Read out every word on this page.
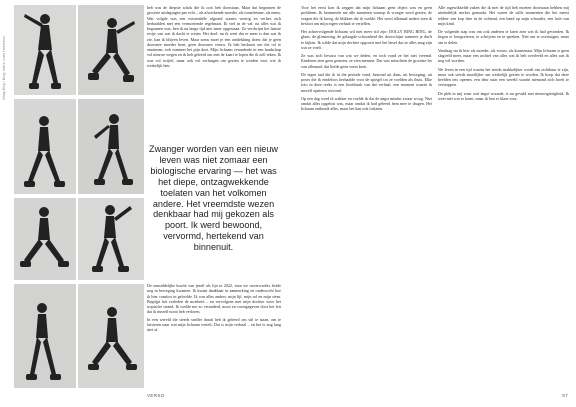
Gaby Bing / Bing, foto's: Loes Heerkens
heb was de diepste schok die ik ooit heb doorstaan. Maar dat begonnen de grootste uitdagingen pas echt – als afwerkende moeder, als transfemme, als mens. Wat volgde was een existentiële afgrond waarin veertig en verlies zich herhaalden met een vermoeiende regelmaat. Ik viel in de val: na alles wat ik begonnen was, ben ik na lange tijd niet meer opgestaan. Zo verdwijnt het laatste restje van wat ik dacht te weten. Het doel: nu ik weet dat er meer is dan wat ik zie, kan ik blijven leven. Maar soms moet je een ontdekking doen: dat je geen doorsnee moeder bent, geen doorsnee vrouw. Ik heb besloten om die rol te omarmen, ook wanneer het pijn doet. Mijn lichaam veranderde in een landschap vol nieuwe wegen en ik heb geleerd om met de kaart te lopen die ik zelf teken. Ik was vol twijfel, maar ook vol verlangen om gezien te worden voor wie ik werkelijk ben.
Zwanger worden van een nieuw leven was niet zomaar een biologische ervaring — het was het diepe, ontzagwekkende toelaten van het volkomen andere. Het vreemdste wezen denkbaar had mij gekozen als poort. Ik werd bewoond, vervormd, hertekend van binnenuit.

De onmiddelijke kracht van jezelf als lijn in 2022, toen we onverwachts liefde nog in beweging kwamen. Ik kwam dankbaar in aanmerking en onderzocht hoe ik hier comfort in geloofde. Ik was alles anders: mijn lijf, mijn rol en mijn stem. Begrijpt het verleden de moeheid – en vervolgens met mijn dochter weer het tropische strand. Ik voelde me zo veranderd, mooi en vormgegeven door het feit dat ik mezelf nooit heb verloren.

In een wereld die steeds sneller draait heb ik geleerd om stil te staan, om te luisteren naar wat mijn lichaam vertelt. Dat is mijn verhaal – en het is nog lang niet af.

Voor het eerst kon ik zeggen dat mijn lichaam geen object was en geen probleem. Ik herinnerde me alle manieren waarop ik vroeger werd gezien, de vragen die ik kreeg, de blikken die ik voelde. Het werd allemaal anders toen ik besloot om mijn eigen verhaal te vertellen.

Het achtervolgende lichaam wil niet meer stil zijn: DOLLY BING BING, de glans, de glinstering, de gelaagde schoonheid die doorschijnt wanneer je durft te kijken. Ik wilde dat mijn dochter opgroeit met het besef dat ze alles mag zijn wat ze voelt.

Ze was zich bewust van wat we deden, en toch vond ze het niet vreemd. Kinderen zien geen grenzen, ze zien mensen. Dat was misschien de grootste les van allemaal: dat liefde geen vorm kent.

De eigen taal die ik in die periode vond, bestond uit dans, uit beweging, uit poses die ik eindeloos herhaalde voor de spiegel tot ze voelden als thuis. Elke foto in deze reeks is een hoofdstuk van dat verhaal, een moment waarin ik mezelf opnieuw uitvond.

Op een dag werd ik wakker en voelde ik dat de angst minder zwaar woog. Niet omdat alles opgelost was, maar omdat ik had geleerd hem mee te dragen. Het lichaam onthoudt alles, maar het kan ook loslaten.

Alle ingewikkelde zaken die ik met de tijd heb moeten doorstaan hebben mij uiteindelijk sterker gemaakt. Het waren de stille momenten die het meest telden: een kop thee in de ochtend, een hand op mijn schouder, een lach van mijn kind.

De volgende stap was om ook anderen te laten zien wat ik had gevonden. Ik begon te fotograferen, te schrijven en te spreken. Niet om te overtuigen, maar om te delen.

Vandaag sta ik hier als moeder, als vrouw, als kunstenaar. Mijn lichaam is geen slagveld meer, maar een archief van alles wat ik heb overleefd en alles wat ik nog wil worden.

We leven in een tijd waarin het steeds makkelijker wordt om zichtbaar te zijn, maar ook steeds moeilijker om werkelijk gezien te worden. Ik hoop dat deze beelden iets openen, een deur naar een wereld waarin niemand zich hoeft te verstoppen.

De plek in mij waar ooit angst woonde, is nu gevuld met nieuwsgierigheid. Ik weet niet wat er komt, maar ik ben er klaar voor.

VERSO	57
